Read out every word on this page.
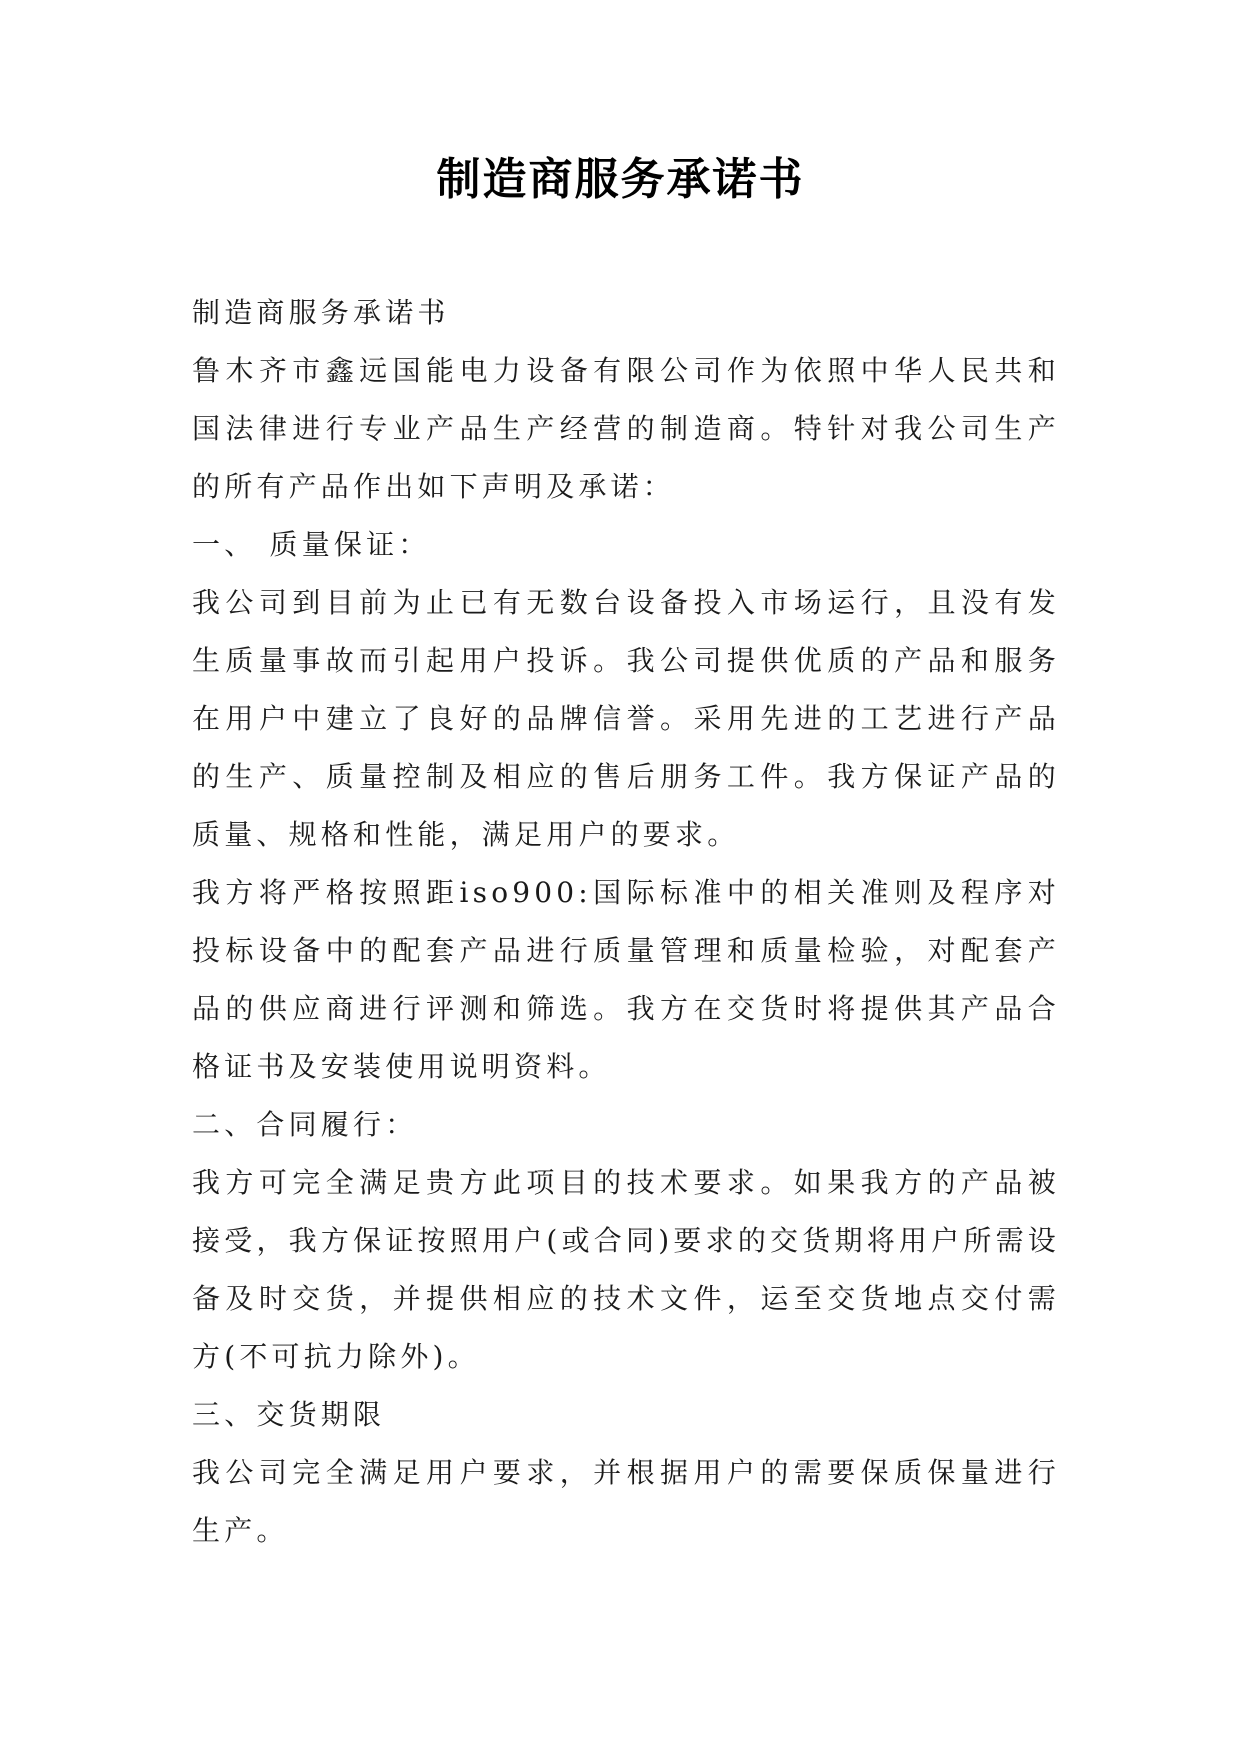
制造商服务承诺书

制造商服务承诺书

鲁木齐市鑫远国能电力设备有限公司作为依照中华人民共和国法律进行专业产品生产经营的制造商。特针对我公司生产的所有产品作出如下声明及承诺：

一、 质量保证：

我公司到目前为止已有无数台设备投入市场运行，且没有发生质量事故而引起用户投诉。我公司提供优质的产品和服务在用户中建立了良好的品牌信誉。采用先进的工艺进行产品的生产、质量控制及相应的售后朋务工件。我方保证产品的质量、规格和性能，满足用户的要求。

我方将严格按照距iso900:国际标准中的相关准则及程序对投标设备中的配套产品进行质量管理和质量检验，对配套产品的供应商进行评测和筛选。我方在交货时将提供其产品合格证书及安装使用说明资料。

二、合同履行：

我方可完全满足贵方此项目的技术要求。如果我方的产品被接受，我方保证按照用户(或合同)要求的交货期将用户所需设备及时交货，并提供相应的技术文件，运至交货地点交付需方(不可抗力除外)。

三、交货期限

我公司完全满足用户要求，并根据用户的需要保质保量进行生产。
